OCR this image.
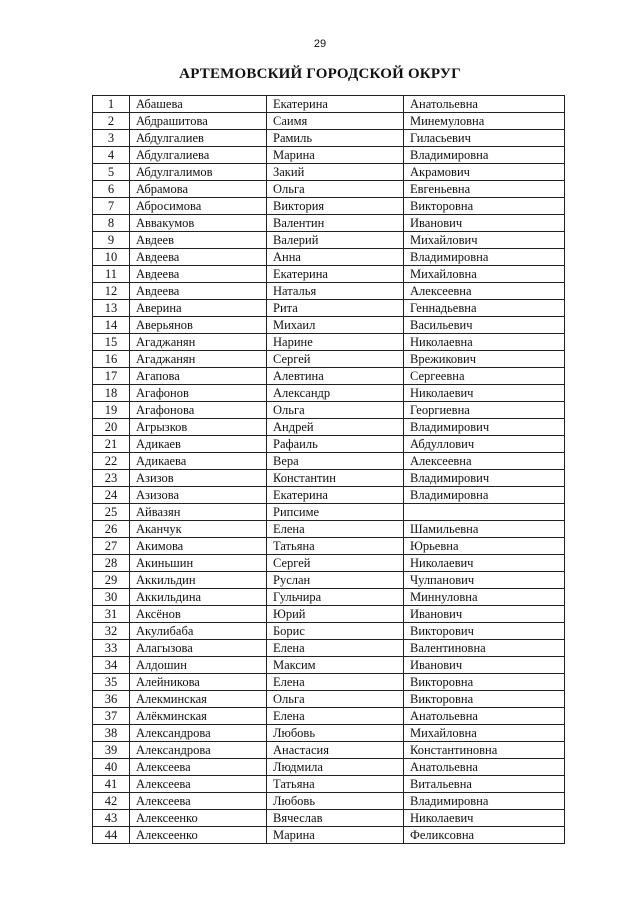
29
АРТЕМОВСКИЙ ГОРОДСКОЙ ОКРУГ
1	Абашева	Екатерина	Анатольевна
2	Абдрашитова	Саимя	Минемуловна
3	Абдулгалиев	Рамиль	Гиласьевич
4	Абдулгалиева	Марина	Владимировна
5	Абдулгалимов	Закий	Акрамович
6	Абрамова	Ольга	Евгеньевна
7	Абросимова	Виктория	Викторовна
8	Аввакумов	Валентин	Иванович
9	Авдеев	Валерий	Михайлович
10	Авдеева	Анна	Владимировна
11	Авдеева	Екатерина	Михайловна
12	Авдеева	Наталья	Алексеевна
13	Аверина	Рита	Геннадьевна
14	Аверьянов	Михаил	Васильевич
15	Агаджанян	Нарине	Николаевна
16	Агаджанян	Сергей	Врежикович
17	Агапова	Алевтина	Сергеевна
18	Агафонов	Александр	Николаевич
19	Агафонова	Ольга	Георгиевна
20	Агрызков	Андрей	Владимирович
21	Адикаев	Рафаиль	Абдуллович
22	Адикаева	Вера	Алексеевна
23	Азизов	Константин	Владимирович
24	Азизова	Екатерина	Владимировна
25	Айвазян	Рипсиме	
26	Аканчук	Елена	Шамильевна
27	Акимова	Татьяна	Юрьевна
28	Акиньшин	Сергей	Николаевич
29	Аккильдин	Руслан	Чулпанович
30	Аккильдина	Гульчира	Миннуловна
31	Аксёнов	Юрий	Иванович
32	Акулибаба	Борис	Викторович
33	Алагызова	Елена	Валентиновна
34	Алдошин	Максим	Иванович
35	Алейникова	Елена	Викторовна
36	Алекминская	Ольга	Викторовна
37	Алёкминская	Елена	Анатольевна
38	Александрова	Любовь	Михайловна
39	Александрова	Анастасия	Константиновна
40	Алексеева	Людмила	Анатольевна
41	Алексеева	Татьяна	Витальевна
42	Алексеева	Любовь	Владимировна
43	Алексеенко	Вячеслав	Николаевич
44	Алексеенко	Марина	Феликсовна
